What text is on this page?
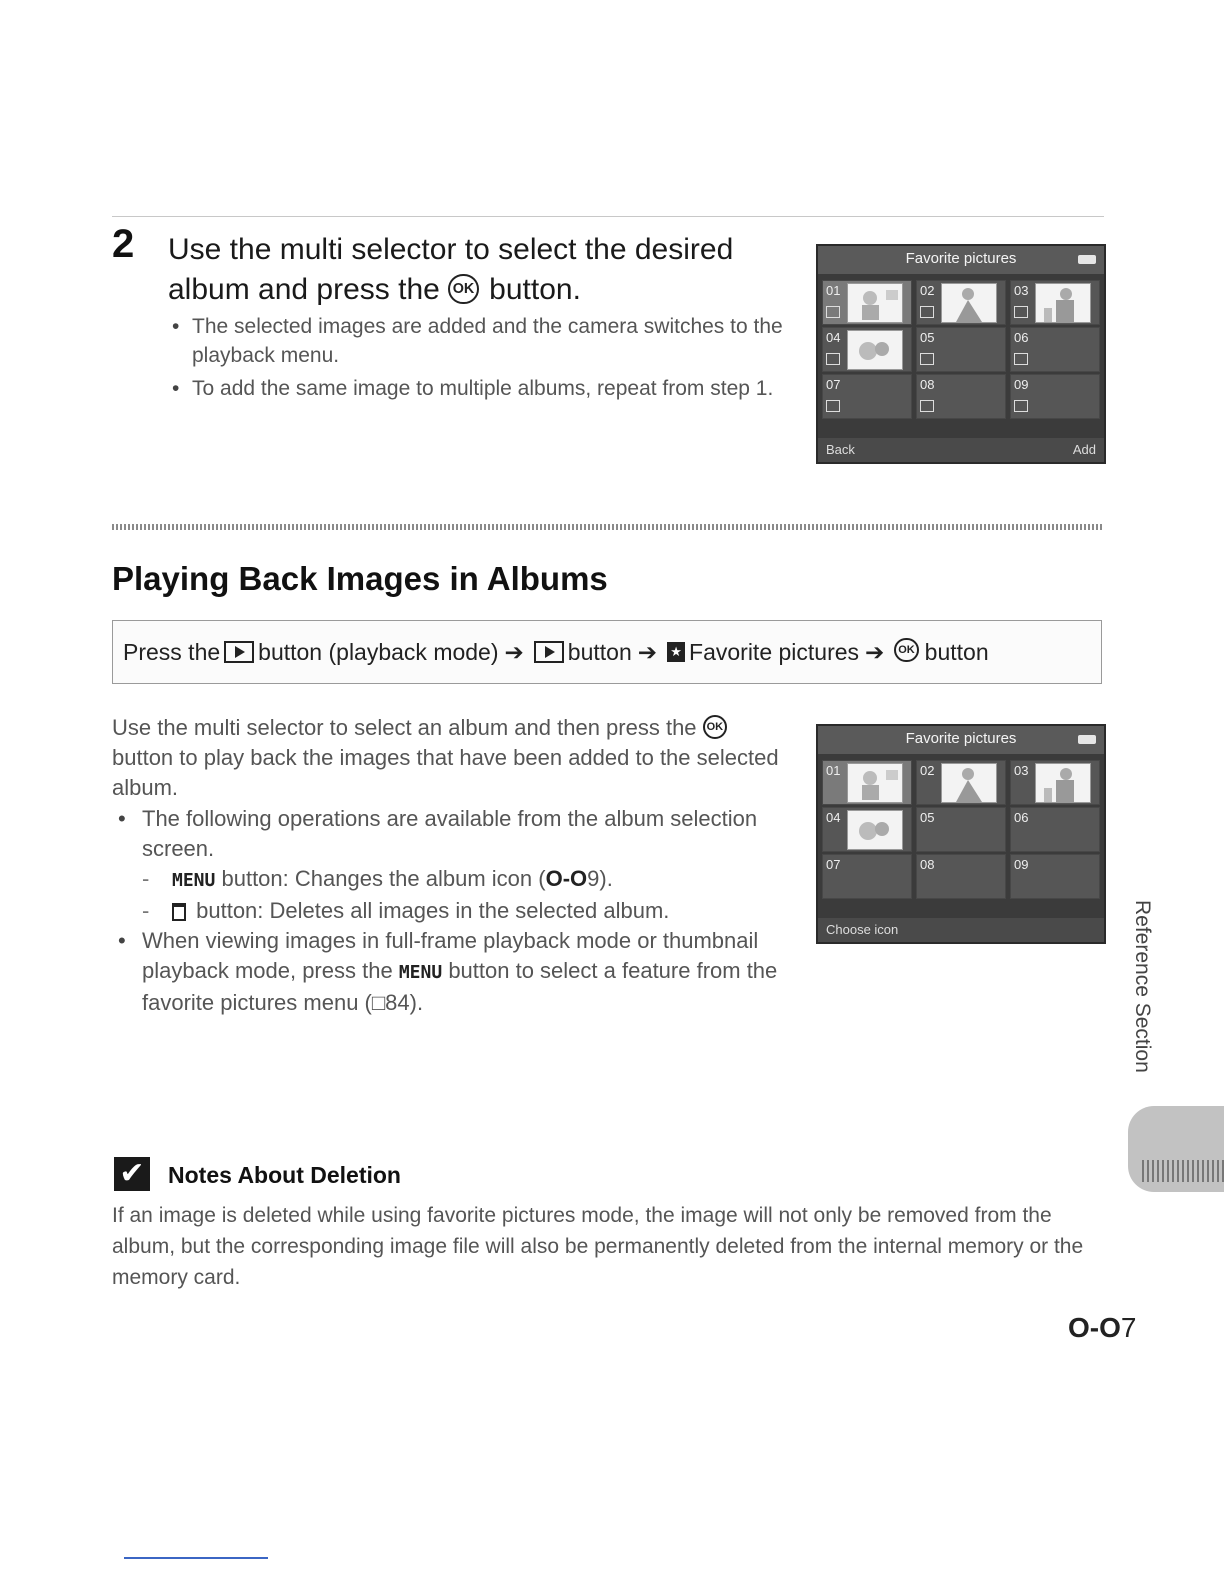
2 Use the multi selector to select the desired album and press the OK button.
• The selected images are added and the camera switches to the playback menu.
• To add the same image to multiple albums, repeat from step 1.
Favorite pictures
01	02	03
04	05	06
07	08	09
Back	Add
Playing Back Images in Albums
Press the button (playback mode) ➔ button ➔ ★ Favorite pictures ➔	OK button
Use the multi selector to select an album and then press the OK button to play back the images that have been added to the selected album.
• The following operations are available from the album selection screen.
- MENU button: Changes the album icon (O-O9).
- button: Deletes all images in the selected album.
• When viewing images in full-frame playback mode or thumbnail playback mode, press the MENU button to select a feature from the favorite pictures menu (□84).
Favorite pictures
01	02	03
04	05	06
07	08	09
Choose icon	Reference Section
✔ Notes About Deletion
If an image is deleted while using favorite pictures mode, the image will not only be removed from the album, but the corresponding image file will also be permanently deleted from the internal memory or the memory card.
O-O7
